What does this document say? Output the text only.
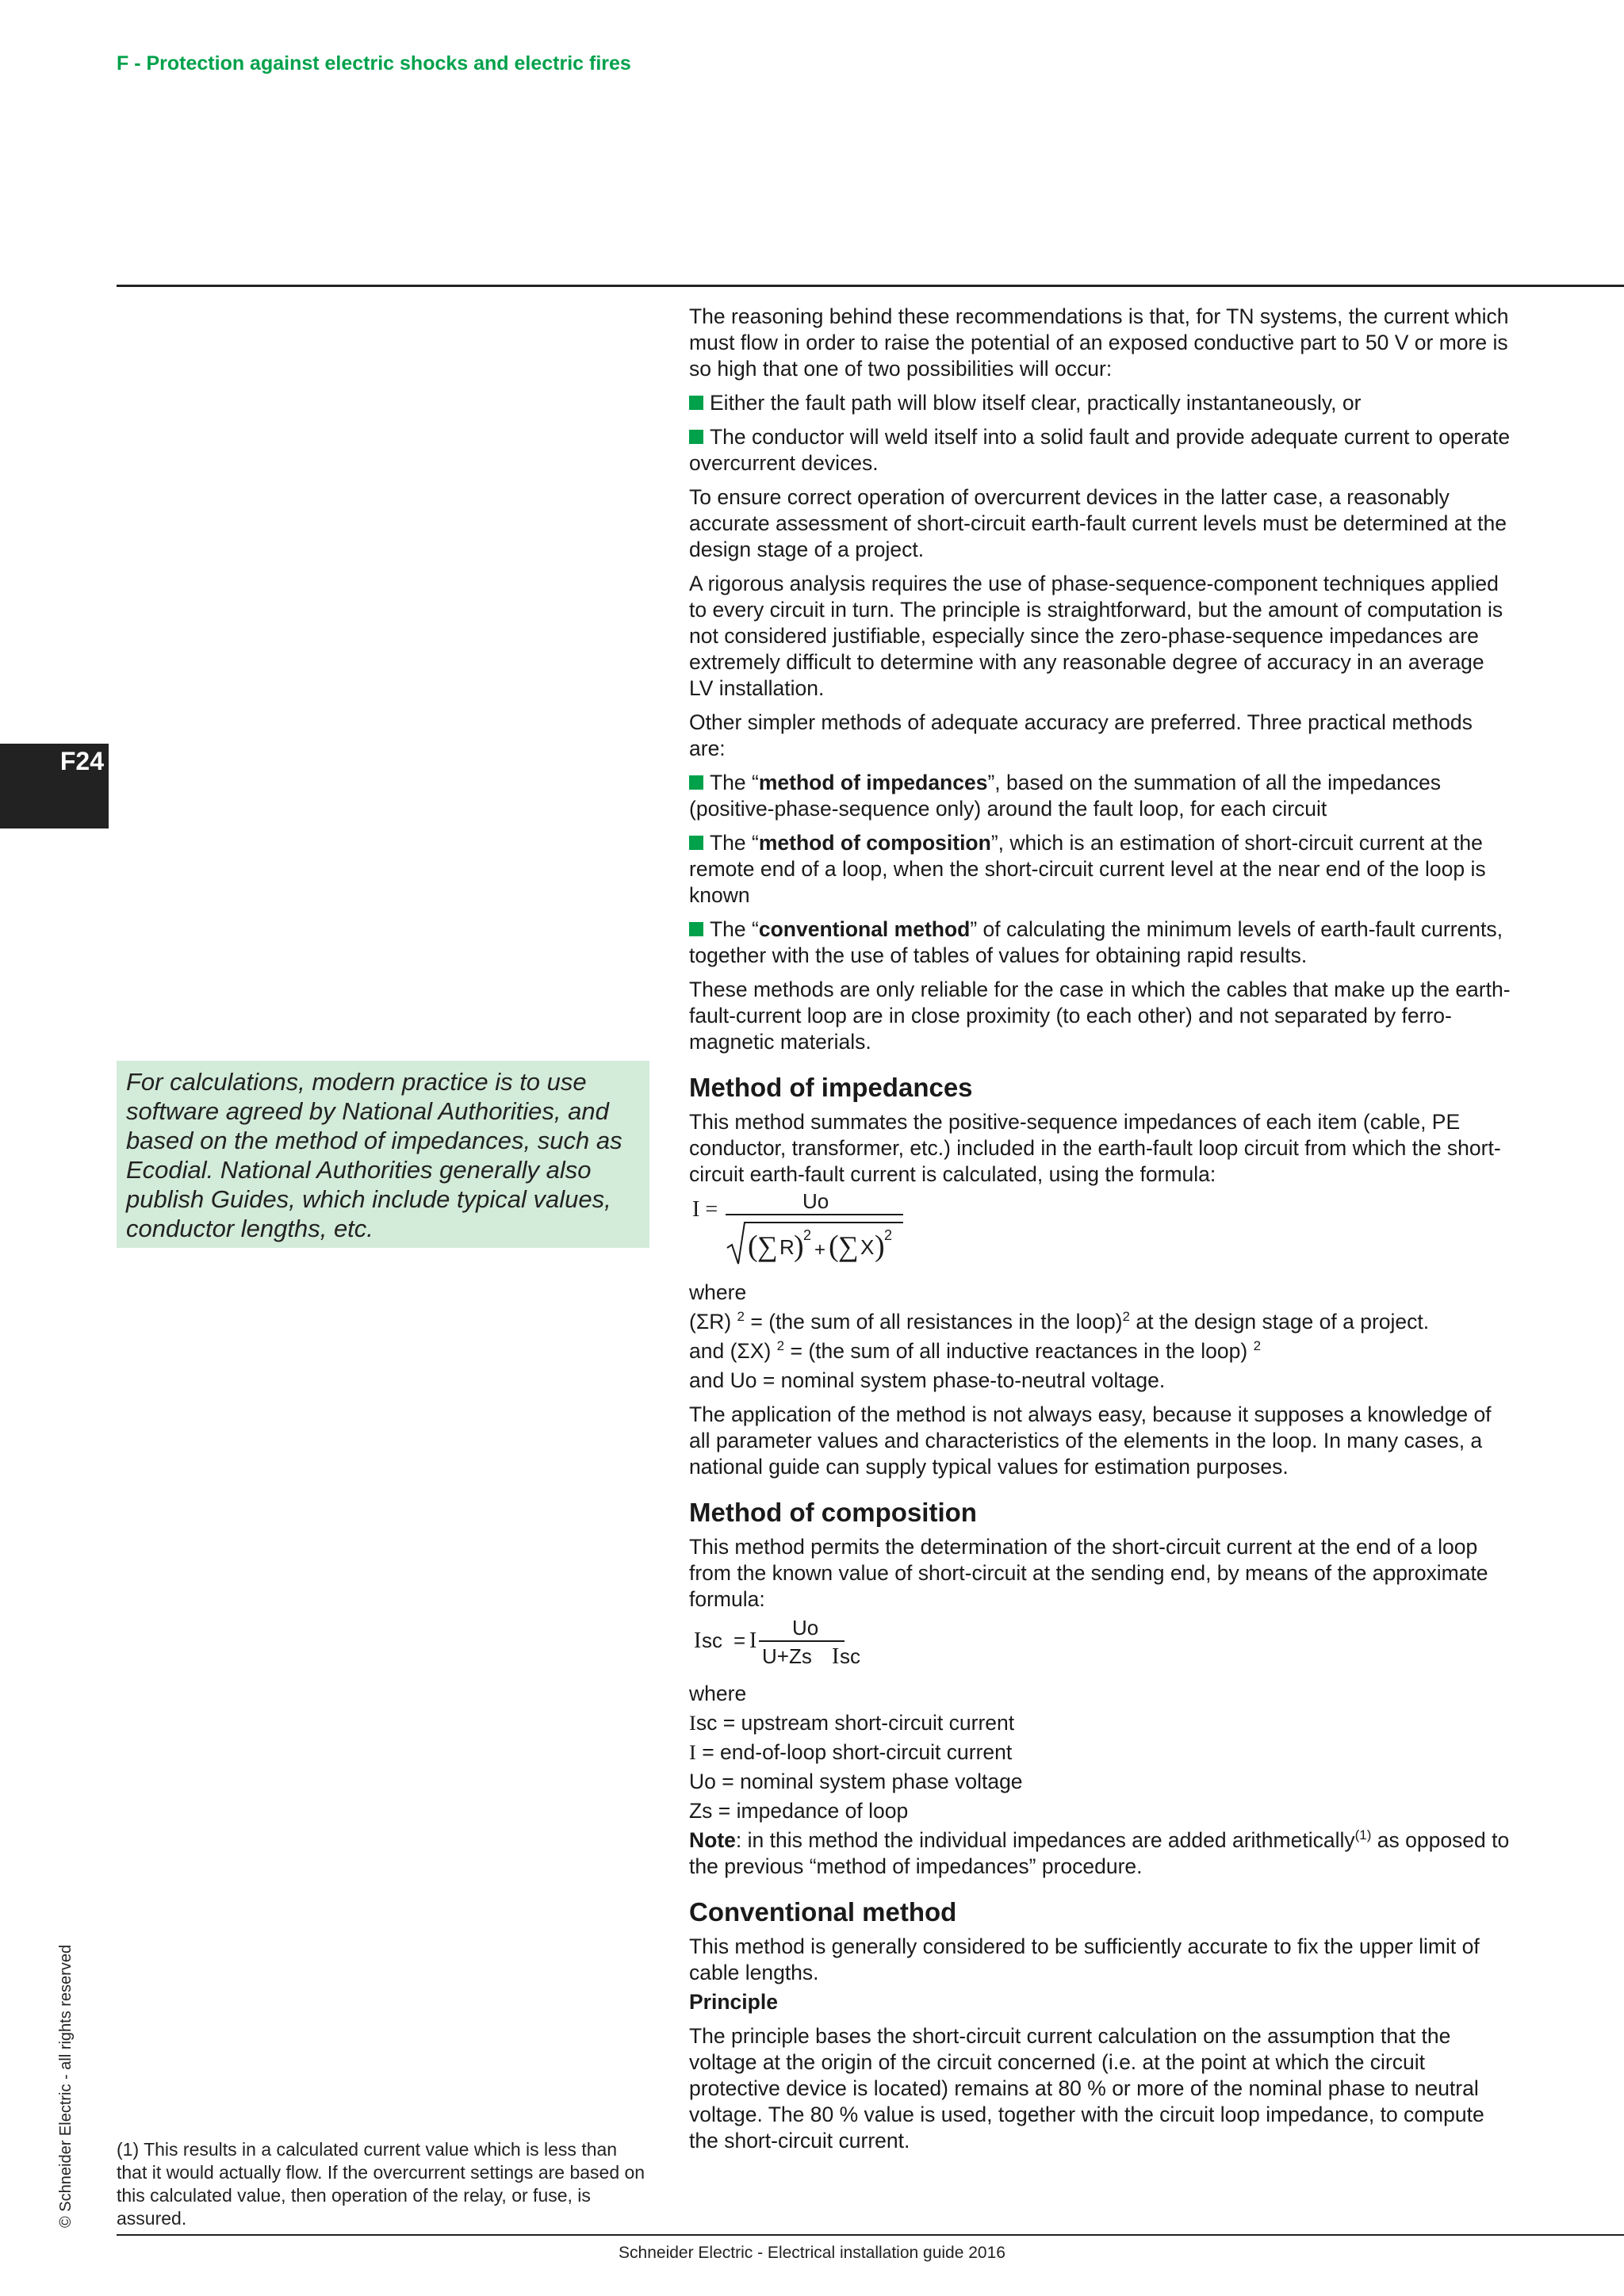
F - Protection against electric shocks and electric fires
F24
© Schneider Electric - all rights reserved
For calculations, modern practice is to use software agreed by National Authorities, and based on the method of impedances, such as Ecodial. National Authorities generally also publish Guides, which include typical values, conductor lengths, etc.
(1) This results in a calculated current value which is less than that it would actually flow. If the overcurrent settings are based on this calculated value, then operation of the relay, or fuse, is assured.

The reasoning behind these recommendations is that, for TN systems, the current which must flow in order to raise the potential of an exposed conductive part to 50 V or more is so high that one of two possibilities will occur:

Either the fault path will blow itself clear, practically instantaneously, or

The conductor will weld itself into a solid fault and provide adequate current to operate overcurrent devices.

To ensure correct operation of overcurrent devices in the latter case, a reasonably accurate assessment of short-circuit earth-fault current levels must be determined at the design stage of a project.

A rigorous analysis requires the use of phase-sequence-component techniques applied to every circuit in turn. The principle is straightforward, but the amount of computation is not considered justifiable, especially since the zero-phase-sequence impedances are extremely difficult to determine with any reasonable degree of accuracy in an average LV installation.

Other simpler methods of adequate accuracy are preferred. Three practical methods are:

The “method of impedances”, based on the summation of all the impedances (positive-phase-sequence only) around the fault loop, for each circuit

The “method of composition”, which is an estimation of short-circuit current at the remote end of a loop, when the short-circuit current level at the near end of the loop is known

The “conventional method” of calculating the minimum levels of earth-fault currents, together with the use of tables of values for obtaining rapid results.

These methods are only reliable for the case in which the cables that make up the earth-fault-current loop are in close proximity (to each other) and not separated by ferro-magnetic materials.

Method of impedances

This method summates the positive-sequence impedances of each item (cable, PE conductor, transformer, etc.) included in the earth-fault loop circuit from which the short-circuit earth-fault current is calculated, using the formula:

I =	Uo
( ∑ R ) 2
+ ( ∑ X ) 2

where

(ΣR) $^2$ = (the sum of all resistances in the loop)$^2$ at the design stage of a project.

and (ΣX) $^2$ = (the sum of all inductive reactances in the loop) $^2$

and Uo = nominal system phase-to-neutral voltage.

The application of the method is not always easy, because it supposes a knowledge of all parameter values and characteristics of the elements in the loop. In many cases, a national guide can supply typical values for estimation purposes.

Method of composition

This method permits the determination of the short-circuit current at the end of a loop from the known value of short-circuit at the sending end, by means of the approximate formula:

I sc = I
Uo
U+Zs I sc

where

Isc = upstream short-circuit current

I = end-of-loop short-circuit current

Uo = nominal system phase voltage

Zs = impedance of loop

Note: in this method the individual impedances are added arithmetically$^{(1)}$ as opposed to the previous “method of impedances” procedure.

Conventional method

This method is generally considered to be sufficiently accurate to fix the upper limit of cable lengths.

Principle

The principle bases the short-circuit current calculation on the assumption that the voltage at the origin of the circuit concerned (i.e. at the point at which the circuit protective device is located) remains at 80 % or more of the nominal phase to neutral voltage. The 80 % value is used, together with the circuit loop impedance, to compute the short-circuit current.

Schneider Electric - Electrical installation guide 2016
